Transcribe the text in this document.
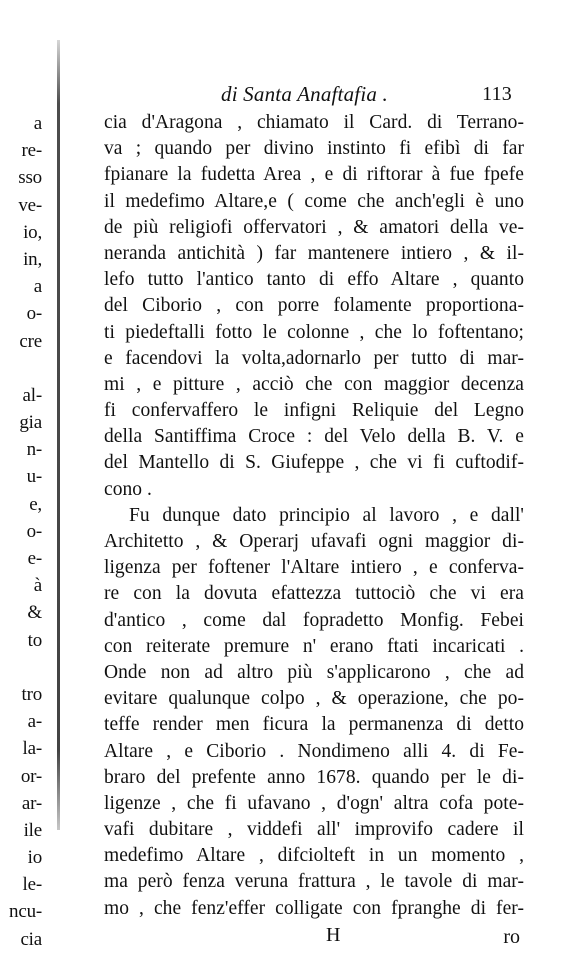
a
re-
sso
ve-
io,
in,
a
o-
cre
al-
gia
n-
u-
e,
o-
e-
à
&
to
tro
a-
la-
or-
ar-
ile
io
le-
ncu-
cia
di Santa Anaftafia .	113
cia d'Aragona , chiamato il Card. di Terrano-
va ; quando per divino instinto fi efibì di far
fpianare la fudetta Area , e di riftorar à fue fpefe
il medefimo Altare,e ( come che anch'egli è uno
de più religiofi offervatori , & amatori della ve-
neranda antichità ) far mantenere intiero , & il-
lefo tutto l'antico tanto di effo Altare , quanto
del Ciborio , con porre folamente proportiona-
ti piedeftalli fotto le colonne , che lo foftentano;
e facendovi la volta,adornarlo per tutto di mar-
mi , e pitture , acciò che con maggior decenza
fi confervaffero le infigni Reliquie del Legno
della Santiffima Croce : del Velo della B. V. e
del Mantello di S. Giufeppe , che vi fi cuftodif-
cono .
Fu dunque dato principio al lavoro , e dall'
Architetto , & Operarj ufavafi ogni maggior di-
ligenza per foftener l'Altare intiero , e conferva-
re con la dovuta efattezza tuttociò che vi era
d'antico , come dal fopradetto Monfig. Febei
con reiterate premure n' erano ftati incaricati .
Onde non ad altro più s'applicarono , che ad
evitare qualunque colpo , & operazione, che po-
teffe render men ficura la permanenza di detto
Altare , e Ciborio . Nondimeno alli 4. di Fe-
braro del prefente anno 1678. quando per le di-
ligenze , che fi ufavano , d'ogn' altra cofa pote-
vafi dubitare , viddefi all' improvifo cadere il
medefimo Altare , difciolteft in un momento ,
ma però fenza veruna frattura , le tavole di mar-
mo , che fenz'effer colligate con fpranghe di fer-
H	ro
